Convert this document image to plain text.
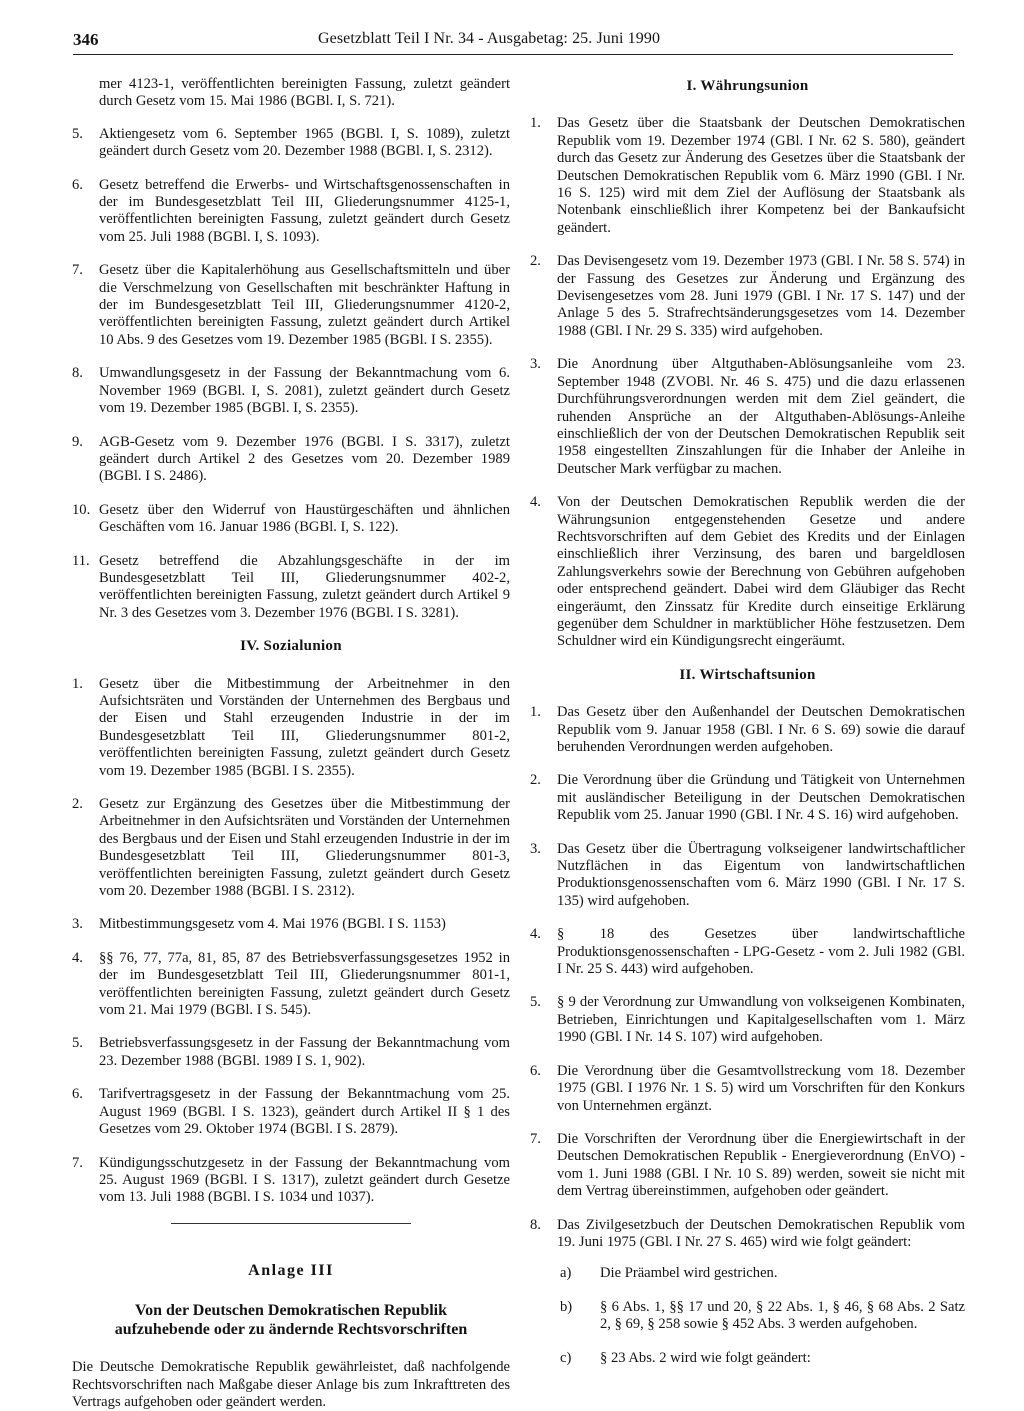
346	Gesetzblatt Teil I Nr. 34 - Ausgabetag: 25. Juni 1990

mer 4123-1, veröffentlichten bereinigten Fassung, zuletzt geändert durch Gesetz vom 15. Mai 1986 (BGBl. I, S. 721).

5.	Aktiengesetz vom 6. September 1965 (BGBl. I, S. 1089), zuletzt geändert durch Gesetz vom 20. Dezember 1988 (BGBl. I, S. 2312).
6.	Gesetz betreffend die Erwerbs- und Wirtschaftsgenossenschaften in der im Bundesgesetzblatt Teil III, Gliederungsnummer 4125-1, veröffentlichten bereinigten Fassung, zuletzt geändert durch Gesetz vom 25. Juli 1988 (BGBl. I, S. 1093).
7.	Gesetz über die Kapitalerhöhung aus Gesellschaftsmitteln und über die Verschmelzung von Gesellschaften mit beschränkter Haftung in der im Bundesgesetzblatt Teil III, Gliederungsnummer 4120-2, veröffentlichten bereinigten Fassung, zuletzt geändert durch Artikel 10 Abs. 9 des Gesetzes vom 19. Dezember 1985 (BGBl. I S. 2355).
8.	Umwandlungsgesetz in der Fassung der Bekanntmachung vom 6. November 1969 (BGBl. I, S. 2081), zuletzt geändert durch Gesetz vom 19. Dezember 1985 (BGBl. I, S. 2355).
9.	AGB-Gesetz vom 9. Dezember 1976 (BGBl. I S. 3317), zuletzt geändert durch Artikel 2 des Gesetzes vom 20. Dezember 1989 (BGBl. I S. 2486).
10. Gesetz über den Widerruf von Haustürgeschäften und ähnlichen Geschäften vom 16. Januar 1986 (BGBl. I, S. 122).
11. Gesetz betreffend die Abzahlungsgeschäfte in der im Bundesgesetzblatt Teil III, Gliederungsnummer 402-2, veröffentlichten bereinigten Fassung, zuletzt geändert durch Artikel 9 Nr. 3 des Gesetzes vom 3. Dezember 1976 (BGBl. I S. 3281).
IV. Sozialunion
1.	Gesetz über die Mitbestimmung der Arbeitnehmer in den Aufsichtsräten und Vorständen der Unternehmen des Bergbaus und der Eisen und Stahl erzeugenden Industrie in der im Bundesgesetzblatt Teil III, Gliederungsnummer 801-2, veröffentlichten bereinigten Fassung, zuletzt geändert durch Gesetz vom 19. Dezember 1985 (BGBl. I S. 2355).
2.	Gesetz zur Ergänzung des Gesetzes über die Mitbestimmung der Arbeitnehmer in den Aufsichtsräten und Vorständen der Unternehmen des Bergbaus und der Eisen und Stahl erzeugenden Industrie in der im Bundesgesetzblatt Teil III, Gliederungsnummer 801-3, veröffentlichten bereinigten Fassung, zuletzt geändert durch Gesetz vom 20. Dezember 1988 (BGBl. I S. 2312).
3.	Mitbestimmungsgesetz vom 4. Mai 1976 (BGBl. I S. 1153)
4.	§§ 76, 77, 77a, 81, 85, 87 des Betriebsverfassungsgesetzes 1952 in der im Bundesgesetzblatt Teil III, Gliederungsnummer 801-1, veröffentlichten bereinigten Fassung, zuletzt geändert durch Gesetz vom 21. Mai 1979 (BGBl. I S. 545).
5.	Betriebsverfassungsgesetz in der Fassung der Bekanntmachung vom 23. Dezember 1988 (BGBl. 1989 I S. 1, 902).
6.	Tarifvertragsgesetz in der Fassung der Bekanntmachung vom 25. August 1969 (BGBl. I S. 1323), geändert durch Artikel II § 1 des Gesetzes vom 29. Oktober 1974 (BGBl. I S. 2879).
7.	Kündigungsschutzgesetz in der Fassung der Bekanntmachung vom 25. August 1969 (BGBl. I S. 1317), zuletzt geändert durch Gesetze vom 13. Juli 1988 (BGBl. I S. 1034 und 1037).
Anlage III
Von der Deutschen Demokratischen Republik
aufzuhebende oder zu ändernde Rechtsvorschriften

Die Deutsche Demokratische Republik gewährleistet, daß nachfolgende Rechtsvorschriften nach Maßgabe dieser Anlage bis zum Inkrafttreten des Vertrags aufgehoben oder geändert werden.

I. Währungsunion
1.	Das Gesetz über die Staatsbank der Deutschen Demokratischen Republik vom 19. Dezember 1974 (GBl. I Nr. 62 S. 580), geändert durch das Gesetz zur Änderung des Gesetzes über die Staatsbank der Deutschen Demokratischen Republik vom 6. März 1990 (GBl. I Nr. 16 S. 125) wird mit dem Ziel der Auflösung der Staatsbank als Notenbank einschließlich ihrer Kompetenz bei der Bankaufsicht geändert.
2.	Das Devisengesetz vom 19. Dezember 1973 (GBl. I Nr. 58 S. 574) in der Fassung des Gesetzes zur Änderung und Ergänzung des Devisengesetzes vom 28. Juni 1979 (GBl. I Nr. 17 S. 147) und der Anlage 5 des 5. Strafrechtsänderungsgesetzes vom 14. Dezember 1988 (GBl. I Nr. 29 S. 335) wird aufgehoben.
3.	Die Anordnung über Altguthaben-Ablösungsanleihe vom 23. September 1948 (ZVOBl. Nr. 46 S. 475) und die dazu erlassenen Durchführungsverordnungen werden mit dem Ziel geändert, die ruhenden Ansprüche an der Altguthaben-Ablösungs-Anleihe einschließlich der von der Deutschen Demokratischen Republik seit 1958 eingestellten Zinszahlungen für die Inhaber der Anleihe in Deutscher Mark verfügbar zu machen.
4.	Von der Deutschen Demokratischen Republik werden die der Währungsunion entgegenstehenden Gesetze und andere Rechtsvorschriften auf dem Gebiet des Kredits und der Einlagen einschließlich ihrer Verzinsung, des baren und bargeldlosen Zahlungsverkehrs sowie der Berechnung von Gebühren aufgehoben oder entsprechend geändert. Dabei wird dem Gläubiger das Recht eingeräumt, den Zinssatz für Kredite durch einseitige Erklärung gegenüber dem Schuldner in marktüblicher Höhe festzusetzen. Dem Schuldner wird ein Kündigungsrecht eingeräumt.
II. Wirtschaftsunion
1.	Das Gesetz über den Außenhandel der Deutschen Demokratischen Republik vom 9. Januar 1958 (GBl. I Nr. 6 S. 69) sowie die darauf beruhenden Verordnungen werden aufgehoben.
2.	Die Verordnung über die Gründung und Tätigkeit von Unternehmen mit ausländischer Beteiligung in der Deutschen Demokratischen Republik vom 25. Januar 1990 (GBl. I Nr. 4 S. 16) wird aufgehoben.
3.	Das Gesetz über die Übertragung volkseigener landwirtschaftlicher Nutzflächen in das Eigentum von landwirtschaftlichen Produktionsgenossenschaften vom 6. März 1990 (GBl. I Nr. 17 S. 135) wird aufgehoben.
4.	§ 18 des Gesetzes über landwirtschaftliche Produktionsgenossenschaften - LPG-Gesetz - vom 2. Juli 1982 (GBl. I Nr. 25 S. 443) wird aufgehoben.
5.	§ 9 der Verordnung zur Umwandlung von volkseigenen Kombinaten, Betrieben, Einrichtungen und Kapitalgesellschaften vom 1. März 1990 (GBl. I Nr. 14 S. 107) wird aufgehoben.
6.	Die Verordnung über die Gesamtvollstreckung vom 18. Dezember 1975 (GBl. I 1976 Nr. 1 S. 5) wird um Vorschriften für den Konkurs von Unternehmen ergänzt.
7.	Die Vorschriften der Verordnung über die Energiewirtschaft in der Deutschen Demokratischen Republik - Energieverordnung (EnVO) - vom 1. Juni 1988 (GBl. I Nr. 10 S. 89) werden, soweit sie nicht mit dem Vertrag übereinstimmen, aufgehoben oder geändert.
8.	Das Zivilgesetzbuch der Deutschen Demokratischen Republik vom 19. Juni 1975 (GBl. I Nr. 27 S. 465) wird wie folgt geändert:
a) Die Präambel wird gestrichen.
b) § 6 Abs. 1, §§ 17 und 20, § 22 Abs. 1, § 46, § 68 Abs. 2 Satz 2, § 69, § 258 sowie § 452 Abs. 3 werden aufgehoben.
c) § 23 Abs. 2 wird wie folgt geändert:
